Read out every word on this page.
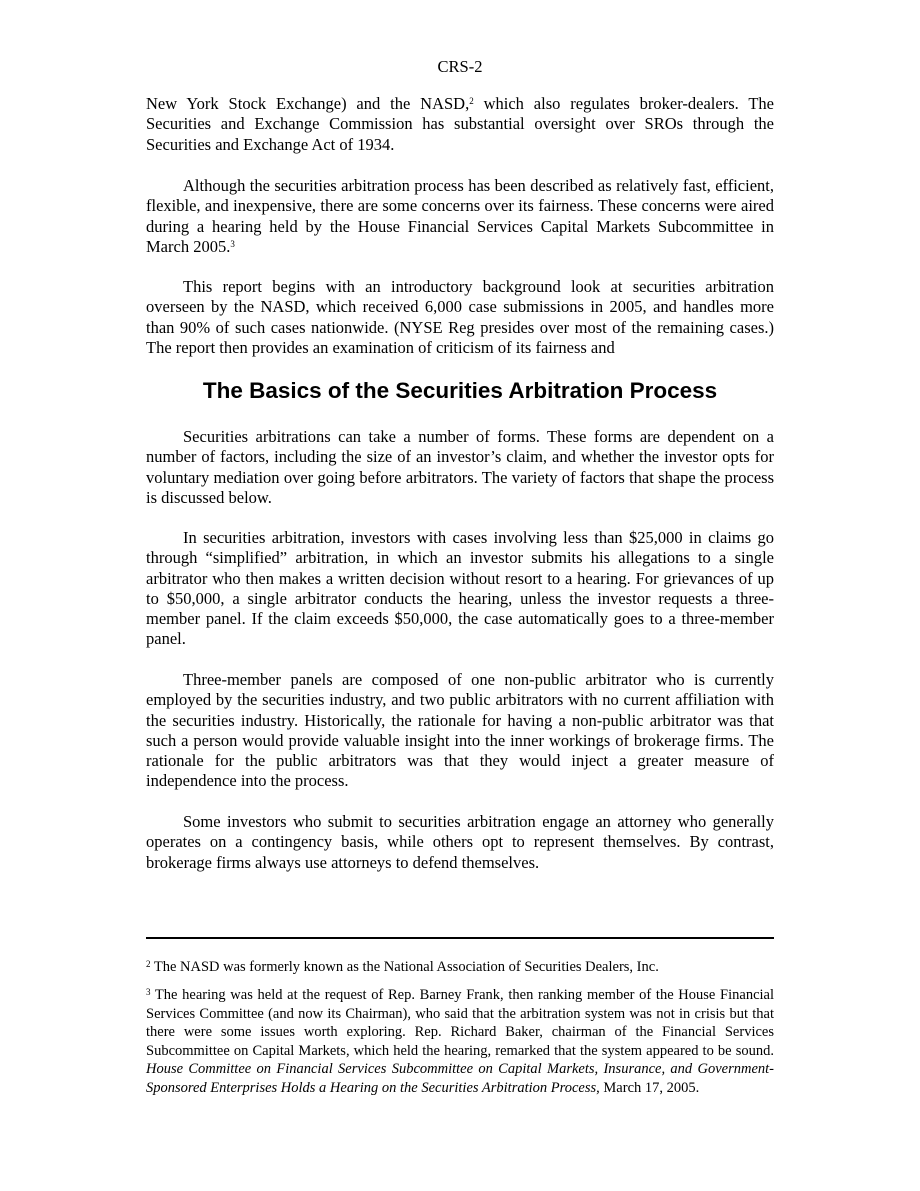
CRS-2

New York Stock Exchange) and the NASD,$^2$ which also regulates broker-dealers. The Securities and Exchange Commission has substantial oversight over SROs through the Securities and Exchange Act of 1934.

Although the securities arbitration process has been described as relatively fast, efficient, flexible, and inexpensive, there are some concerns over its fairness. These concerns were aired during a hearing held by the House Financial Services Capital Markets Subcommittee in March 2005.$^3$

This report begins with an introductory background look at securities arbitration overseen by the NASD, which received 6,000 case submissions in 2005, and handles more than 90% of such cases nationwide. (NYSE Reg presides over most of the remaining cases.) The report then provides an examination of criticism of its fairness and

The Basics of the Securities Arbitration Process

Securities arbitrations can take a number of forms. These forms are dependent on a number of factors, including the size of an investor’s claim, and whether the investor opts for voluntary mediation over going before arbitrators. The variety of factors that shape the process is discussed below.

In securities arbitration, investors with cases involving less than $25,000 in claims go through “simplified” arbitration, in which an investor submits his allegations to a single arbitrator who then makes a written decision without resort to a hearing. For grievances of up to $50,000, a single arbitrator conducts the hearing, unless the investor requests a three-member panel. If the claim exceeds $50,000, the case automatically goes to a three-member panel.

Three-member panels are composed of one non-public arbitrator who is currently employed by the securities industry, and two public arbitrators with no current affiliation with the securities industry. Historically, the rationale for having a non-public arbitrator was that such a person would provide valuable insight into the inner workings of brokerage firms. The rationale for the public arbitrators was that they would inject a greater measure of independence into the process.

Some investors who submit to securities arbitration engage an attorney who generally operates on a contingency basis, while others opt to represent themselves. By contrast, brokerage firms always use attorneys to defend themselves.

$^2$ The NASD was formerly known as the National Association of Securities Dealers, Inc.

$^3$ The hearing was held at the request of Rep. Barney Frank, then ranking member of the House Financial Services Committee (and now its Chairman), who said that the arbitration system was not in crisis but that there were some issues worth exploring. Rep. Richard Baker, chairman of the Financial Services Subcommittee on Capital Markets, which held the hearing, remarked that the system appeared to be sound. House Committee on Financial Services Subcommittee on Capital Markets, Insurance, and Government-Sponsored Enterprises Holds a Hearing on the Securities Arbitration Process, March 17, 2005.
